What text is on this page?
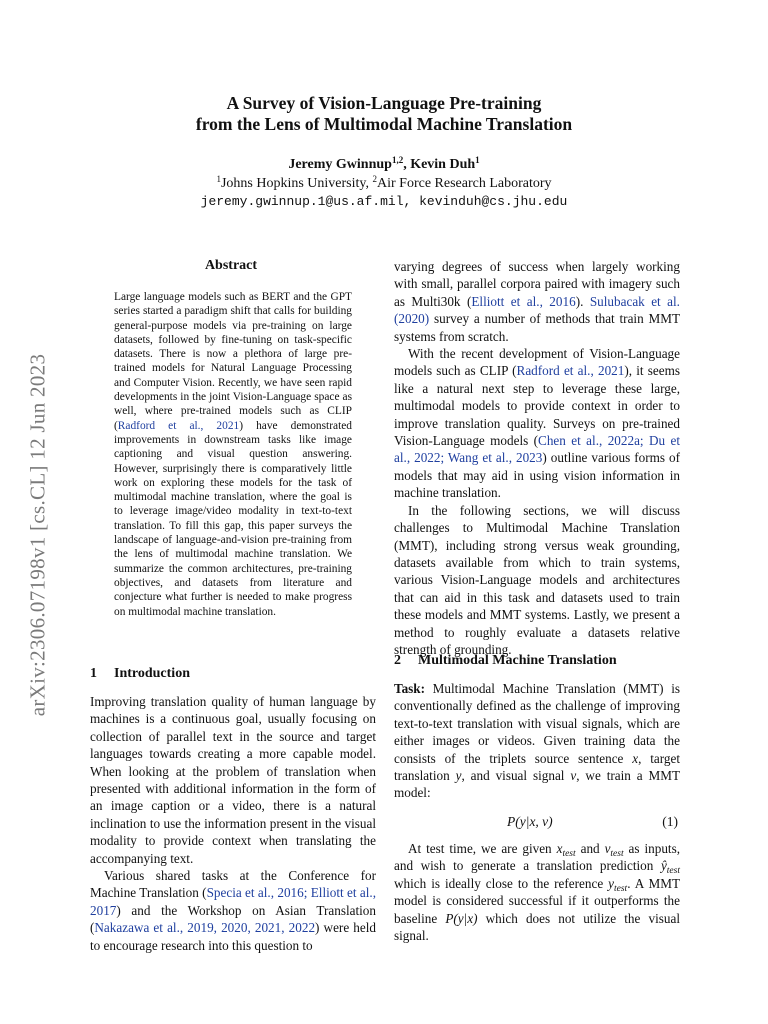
arXiv:2306.07198v1 [cs.CL] 12 Jun 2023
A Survey of Vision-Language Pre-training
from the Lens of Multimodal Machine Translation
Jeremy Gwinnup$^{1,2}$, Kevin Duh$^1$
$^1$Johns Hopkins University, $^2$Air Force Research Laboratory
jeremy.gwinnup.1@us.af.mil, kevinduh@cs.jhu.edu
Abstract
Large language models such as BERT and the GPT series started a paradigm shift that calls for building general-purpose models via pre-training on large datasets, followed by fine-tuning on task-specific datasets. There is now a plethora of large pre-trained models for Natural Language Processing and Computer Vision. Recently, we have seen rapid developments in the joint Vision-Language space as well, where pre-trained models such as CLIP (Radford et al., 2021) have demonstrated improvements in downstream tasks like image captioning and visual question answering. However, surprisingly there is comparatively little work on exploring these models for the task of multimodal machine translation, where the goal is to leverage image/video modality in text-to-text translation. To fill this gap, this paper surveys the landscape of language-and-vision pre-training from the lens of multimodal machine translation. We summarize the common architectures, pre-training objectives, and datasets from literature and conjecture what further is needed to make progress on multimodal machine translation.
1 Introduction

Improving translation quality of human language by machines is a continuous goal, usually focusing on collection of parallel text in the source and target languages towards creating a more capable model. When looking at the problem of translation when presented with additional information in the form of an image caption or a video, there is a natural inclination to use the information present in the visual modality to provide context when translating the accompanying text.

Various shared tasks at the Conference for Machine Translation (Specia et al., 2016; Elliott et al., 2017) and the Workshop on Asian Translation (Nakazawa et al., 2019, 2020, 2021, 2022) were held to encourage research into this question to

varying degrees of success when largely working with small, parallel corpora paired with imagery such as Multi30k (Elliott et al., 2016). Sulubacak et al. (2020) survey a number of methods that train MMT systems from scratch.

With the recent development of Vision-Language models such as CLIP (Radford et al., 2021), it seems like a natural next step to leverage these large, multimodal models to provide context in order to improve translation quality. Surveys on pre-trained Vision-Language models (Chen et al., 2022a; Du et al., 2022; Wang et al., 2023) outline various forms of models that may aid in using vision information in machine translation.

In the following sections, we will discuss challenges to Multimodal Machine Translation (MMT), including strong versus weak grounding, datasets available from which to train systems, various Vision-Language models and architectures that can aid in this task and datasets used to train these models and MMT systems. Lastly, we present a method to roughly evaluate a datasets relative strength of grounding.

2 Multimodal Machine Translation

Task: Multimodal Machine Translation (MMT) is conventionally defined as the challenge of improving text-to-text translation with visual signals, which are either images or videos. Given training data the consists of the triplets source sentence x, target translation y, and visual signal v, we train a MMT model:

P(y|x, v)	(1)

At test time, we are given $x_{test}$ and $v_{test}$ as inputs, and wish to generate a translation prediction $ŷ_{test}$ which is ideally close to the reference $y_{test}$. A MMT model is considered successful if it outperforms the baseline P(y|x) which does not utilize the visual signal.
